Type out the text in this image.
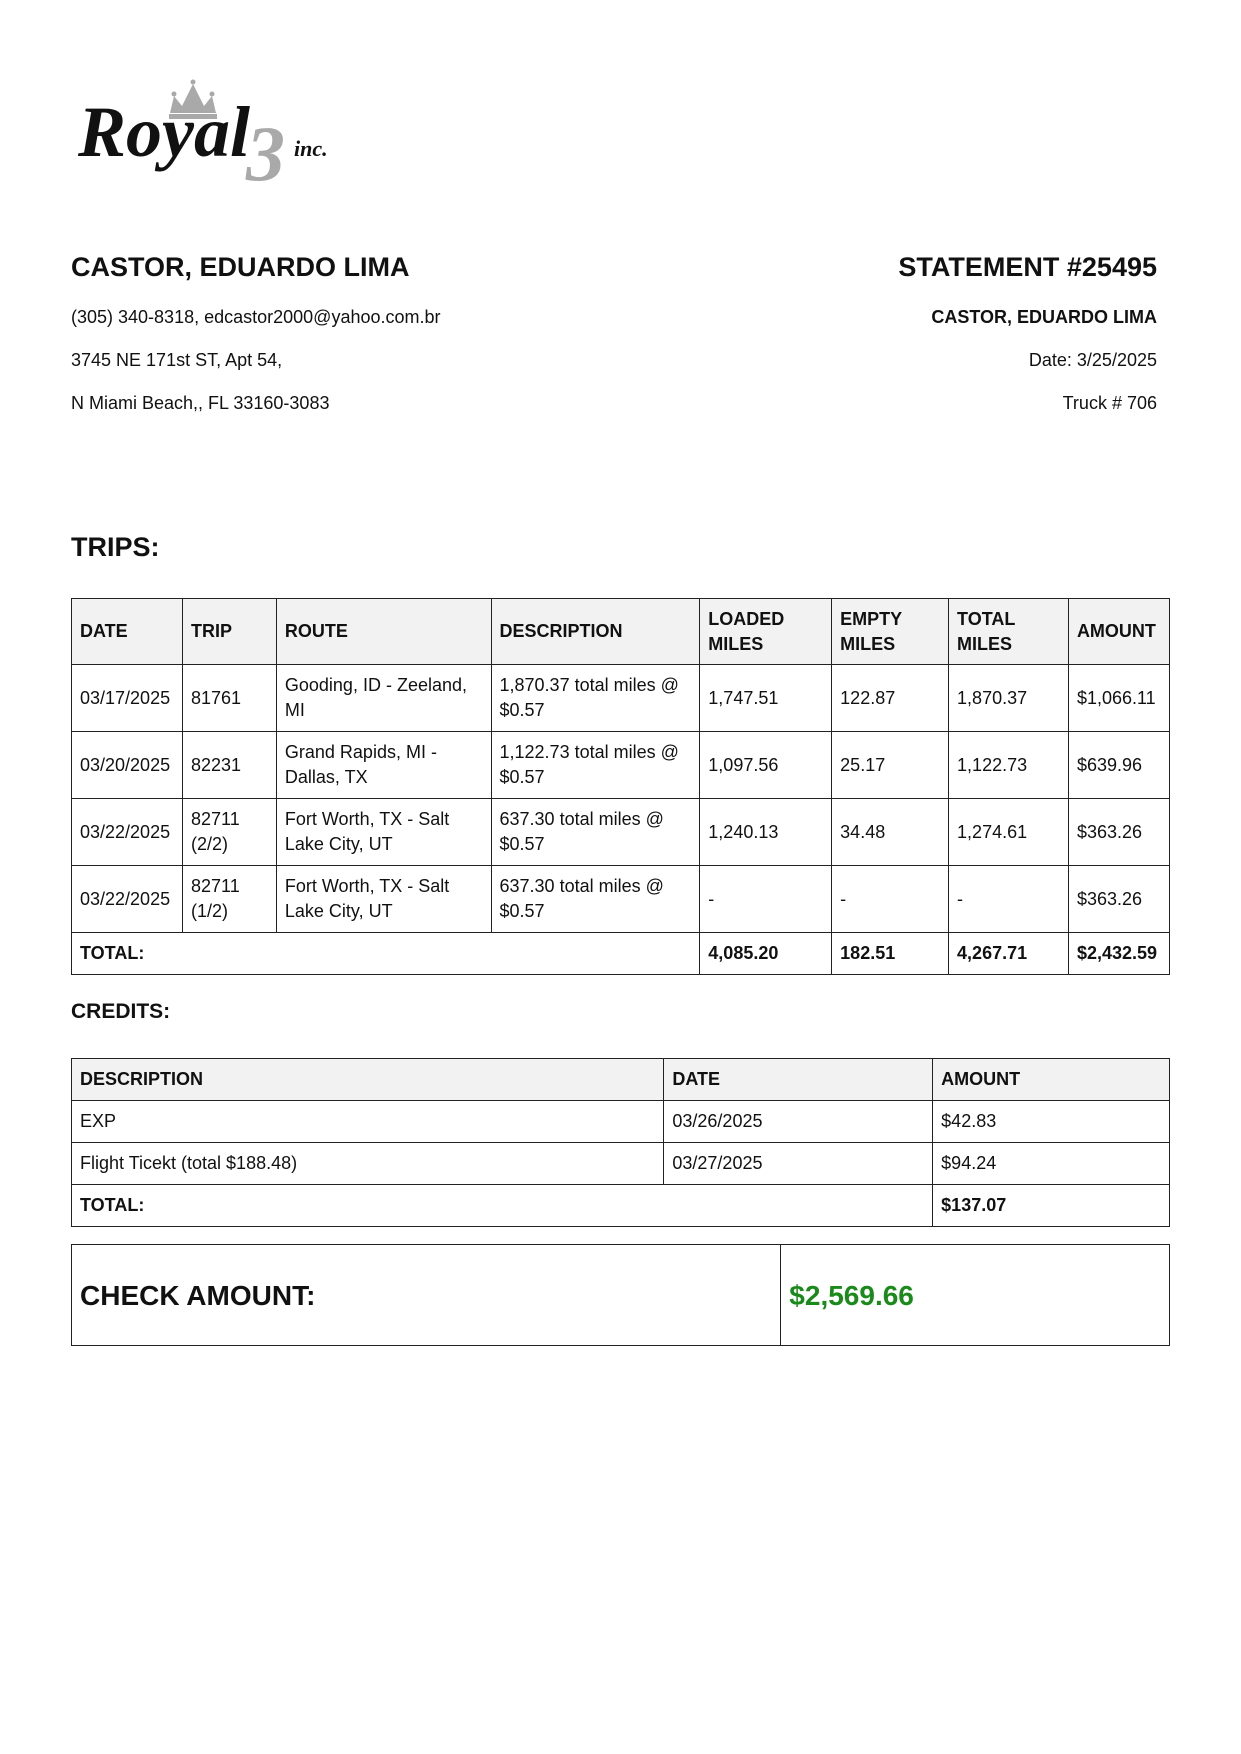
3
Royal inc.
CASTOR, EDUARDO LIMA
(305) 340-8318, edcastor2000@yahoo.com.br
3745 NE 171st ST, Apt 54,
N Miami Beach,, FL 33160-3083
STATEMENT #25495
CASTOR, EDUARDO LIMA
Date: 3/25/2025
Truck # 706
TRIPS:
DATE	TRIP	ROUTE	DESCRIPTION	LOADED MILES	EMPTY MILES	TOTAL MILES	AMOUNT
03/17/2025	81761	Gooding, ID - Zeeland, MI	1,870.37 total miles @ $0.57	1,747.51	122.87	1,870.37	$1,066.11
03/20/2025	82231	Grand Rapids, MI - Dallas, TX	1,122.73 total miles @ $0.57	1,097.56	25.17	1,122.73	$639.96
03/22/2025	82711 (2/2)	Fort Worth, TX - Salt Lake City, UT	637.30 total miles @ $0.57	1,240.13	34.48	1,274.61	$363.26
03/22/2025	82711 (1/2)	Fort Worth, TX - Salt Lake City, UT	637.30 total miles @ $0.57	-	-	-	$363.26
TOTAL:				4,085.20	182.51	4,267.71	$2,432.59
CREDITS:
DESCRIPTION	DATE	AMOUNT
EXP	03/26/2025	$42.83
Flight Ticekt (total $188.48)	03/27/2025	$94.24
TOTAL:		$137.07
CHECK AMOUNT:	$2,569.66
